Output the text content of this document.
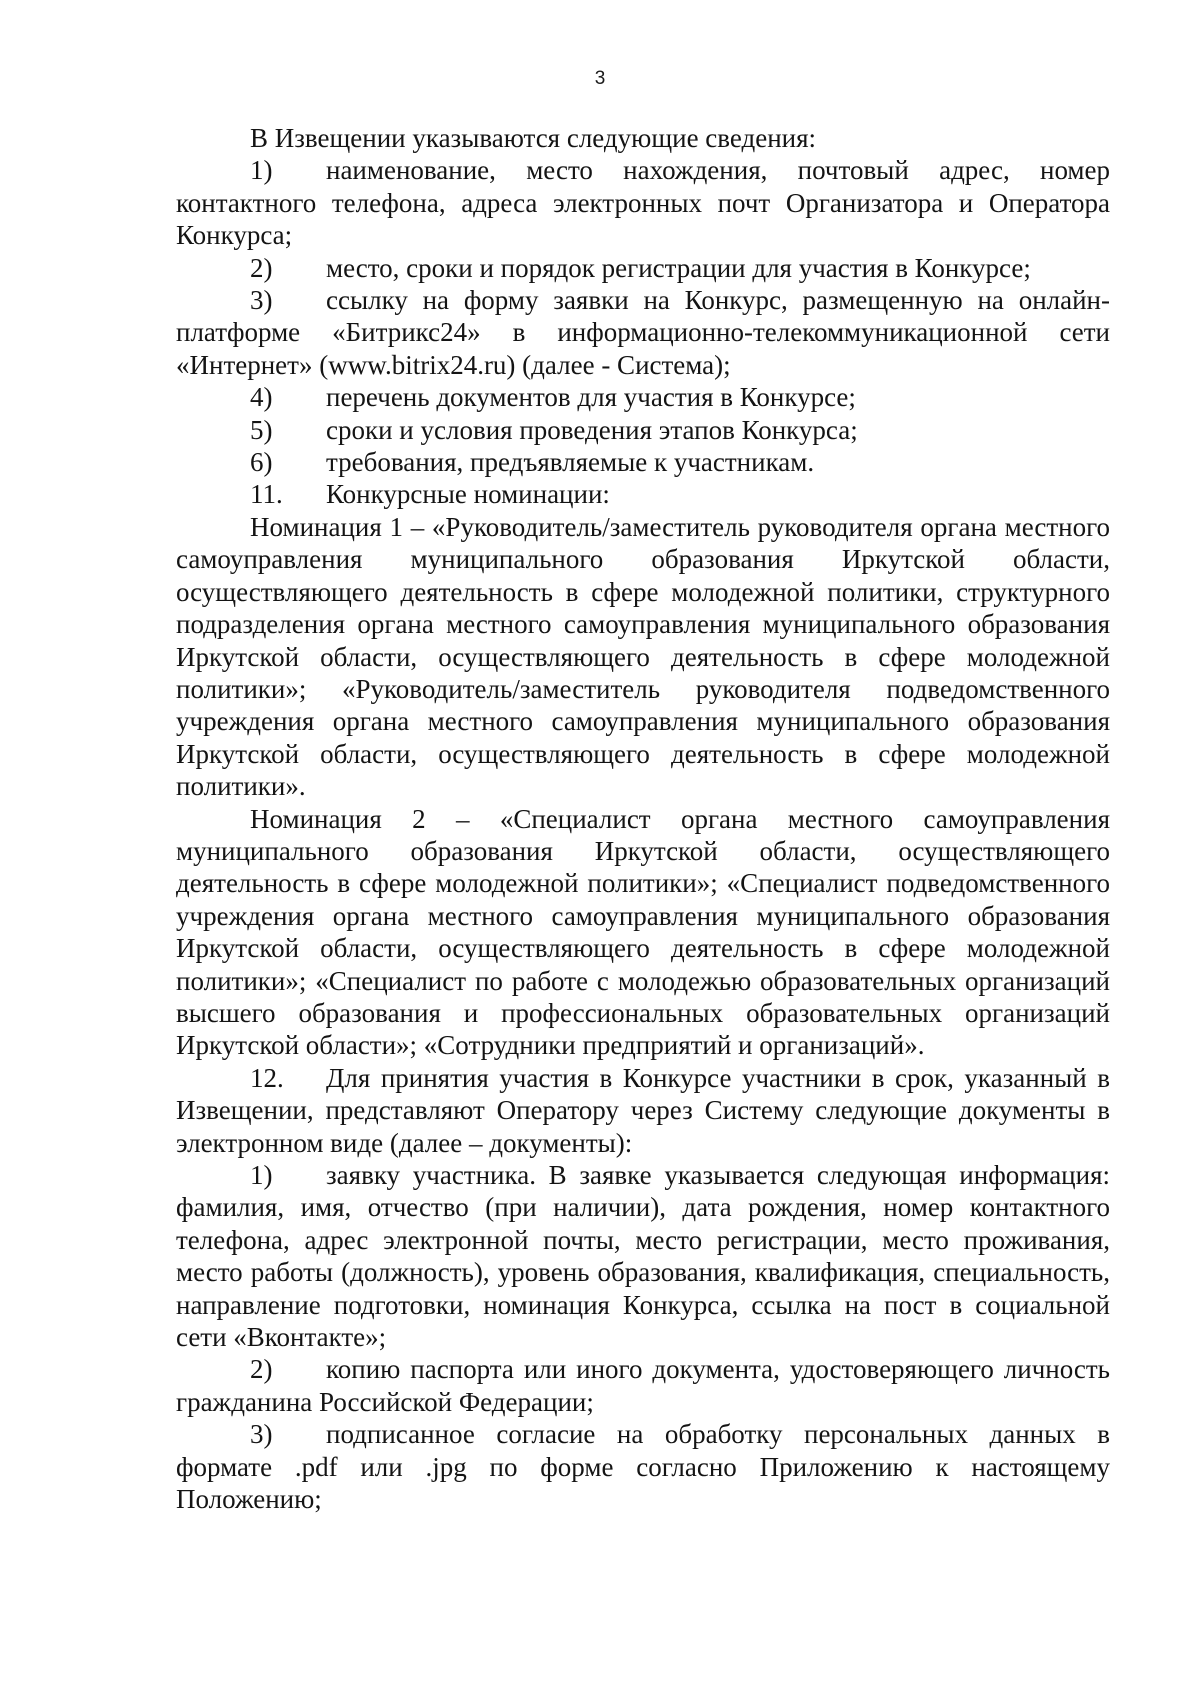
3

В Извещении указываются следующие сведения:

1) наименование, место нахождения, почтовый адрес, номер контактного телефона, адреса электронных почт Организатора и Оператора Конкурса;

2)	место, сроки и порядок регистрации для участия в Конкурсе;

3) ссылку на форму заявки на Конкурс, размещенную на онлайн-платформе «Битрикс24» в информационно-телекоммуникационной сети «Интернет» (www.bitrix24.ru) (далее - Система);

4)	перечень документов для участия в Конкурсе;

5)	сроки и условия проведения этапов Конкурса;

6)	требования, предъявляемые к участникам.

11.	Конкурсные номинации:

Номинация 1 – «Руководитель/заместитель руководителя органа местного самоуправления муниципального образования Иркутской области, осуществляющего деятельность в сфере молодежной политики, структурного подразделения органа местного самоуправления муниципального образования Иркутской области, осуществляющего деятельность в сфере молодежной политики»; «Руководитель/заместитель руководителя подведомственного учреждения органа местного самоуправления муниципального образования Иркутской области, осуществляющего деятельность в сфере молодежной политики».

Номинация 2 – «Специалист органа местного самоуправления муниципального образования Иркутской области, осуществляющего деятельность в сфере молодежной политики»; «Специалист подведомственного учреждения органа местного самоуправления муниципального образования Иркутской области, осуществляющего деятельность в сфере молодежной политики»; «Специалист по работе с молодежью образовательных организаций высшего образования и профессиональных образовательных организаций Иркутской области»; «Сотрудники предприятий и организаций».

12. Для принятия участия в Конкурсе участники в срок, указанный в Извещении, представляют Оператору через Систему следующие документы в электронном виде (далее – документы):

1) заявку участника. В заявке указывается следующая информация: фамилия, имя, отчество (при наличии), дата рождения, номер контактного телефона, адрес электронной почты, место регистрации, место проживания, место работы (должность), уровень образования, квалификация, специальность, направление подготовки, номинация Конкурса, ссылка на пост в социальной сети «Вконтакте»;

2) копию паспорта или иного документа, удостоверяющего личность гражданина Российской Федерации;

3) подписанное согласие на обработку персональных данных в формате .pdf или .jpg по форме согласно Приложению к настоящему Положению;
